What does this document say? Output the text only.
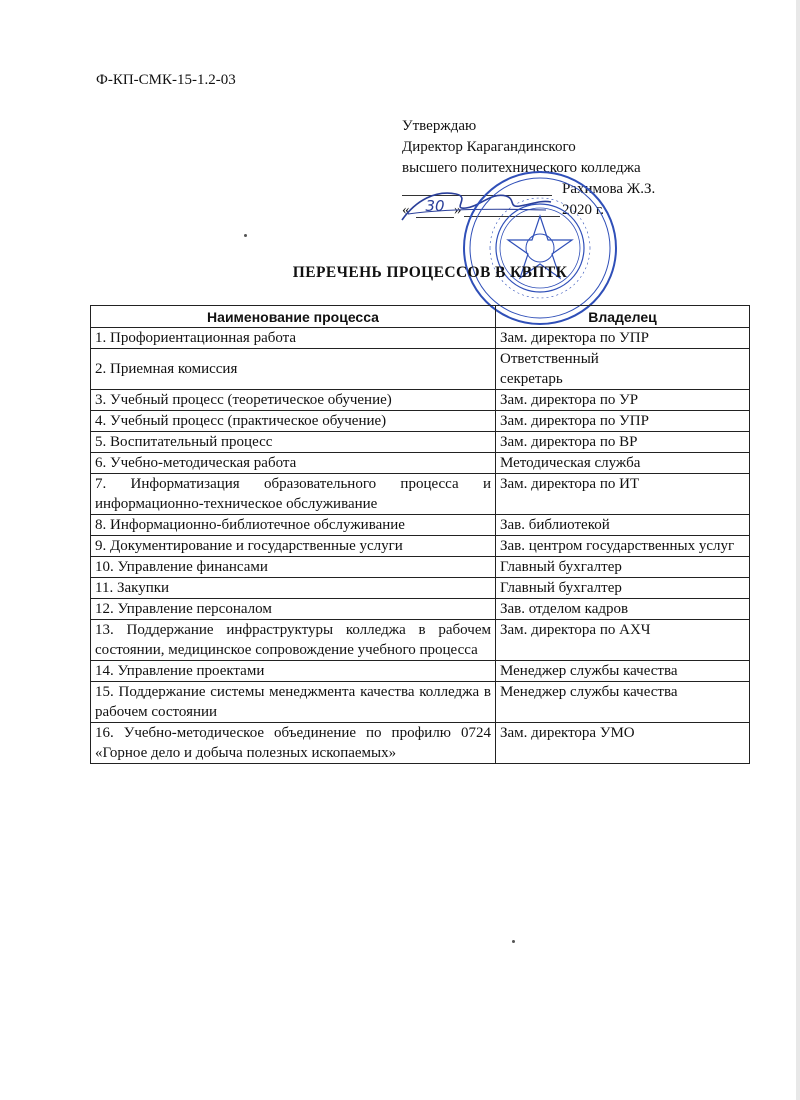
Ф-КП-СМК-15-1.2-03
Утверждаю
Директор Карагандинского
высшего политехнического колледжа
Рахимова Ж.З.
«	30 »	2020 г.
ПЕРЕЧЕНЬ ПРОЦЕССОВ В КВПТК
Наименование процесса	Владелец
1. Профориентационная работа	Зам. директора по УПР
2. Приемная комиссия	Ответственный секретарь

3. Учебный процесс (теоретическое обучение)	Зам. директора по УР
4. Учебный процесс (практическое обучение)	Зам. директора по УПР
5. Воспитательный процесс	Зам. директора по ВР
6. Учебно-методическая работа	Методическая служба
7. Информатизация образовательного процесса и информационно-техническое обслуживание	Зам. директора по ИТ
8. Информационно-библиотечное обслуживание	Зав. библиотекой
9. Документирование и государственные услуги	Зав. центром государственных услуг
10. Управление финансами	Главный бухгалтер
11. Закупки	Главный бухгалтер
12. Управление персоналом	Зав. отделом кадров
13. Поддержание инфраструктуры колледжа в рабочем состоянии, медицинское сопровождение учебного процесса	Зам. директора по АХЧ
14. Управление проектами	Менеджер службы качества
15. Поддержание системы менеджмента качества колледжа в рабочем состоянии	Менеджер службы качества
16. Учебно-методическое объединение по профилю 0724 «Горное дело и добыча полезных ископаемых»	Зам. директора УМО
